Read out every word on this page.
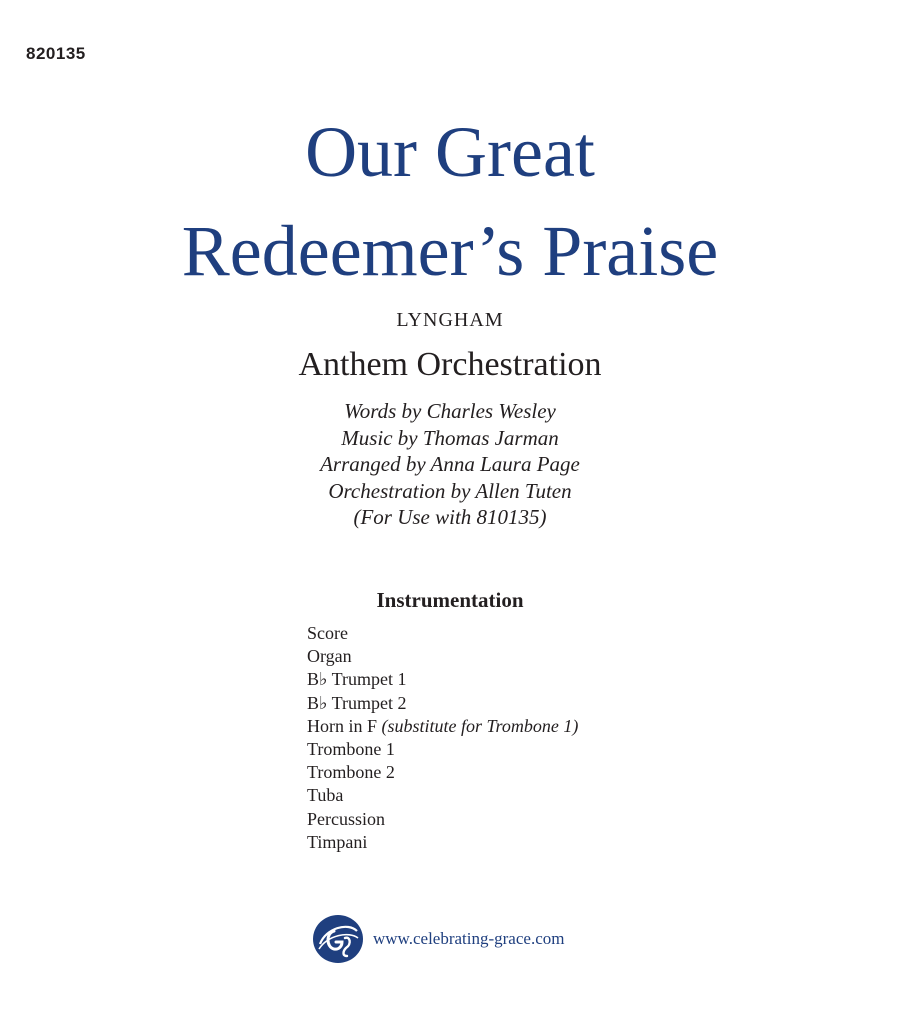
820135
Our Great
Redeemer’s Praise
LYNGHAM
Anthem Orchestration
Words by Charles Wesley
Music by Thomas Jarman
Arranged by Anna Laura Page
Orchestration by Allen Tuten
(For Use with 810135)
Instrumentation
Score
Organ
B♭ Trumpet 1
B♭ Trumpet 2
Horn in F (substitute for Trombone 1)
Trombone 1
Trombone 2
Tuba
Percussion
Timpani
www.celebrating-grace.com
